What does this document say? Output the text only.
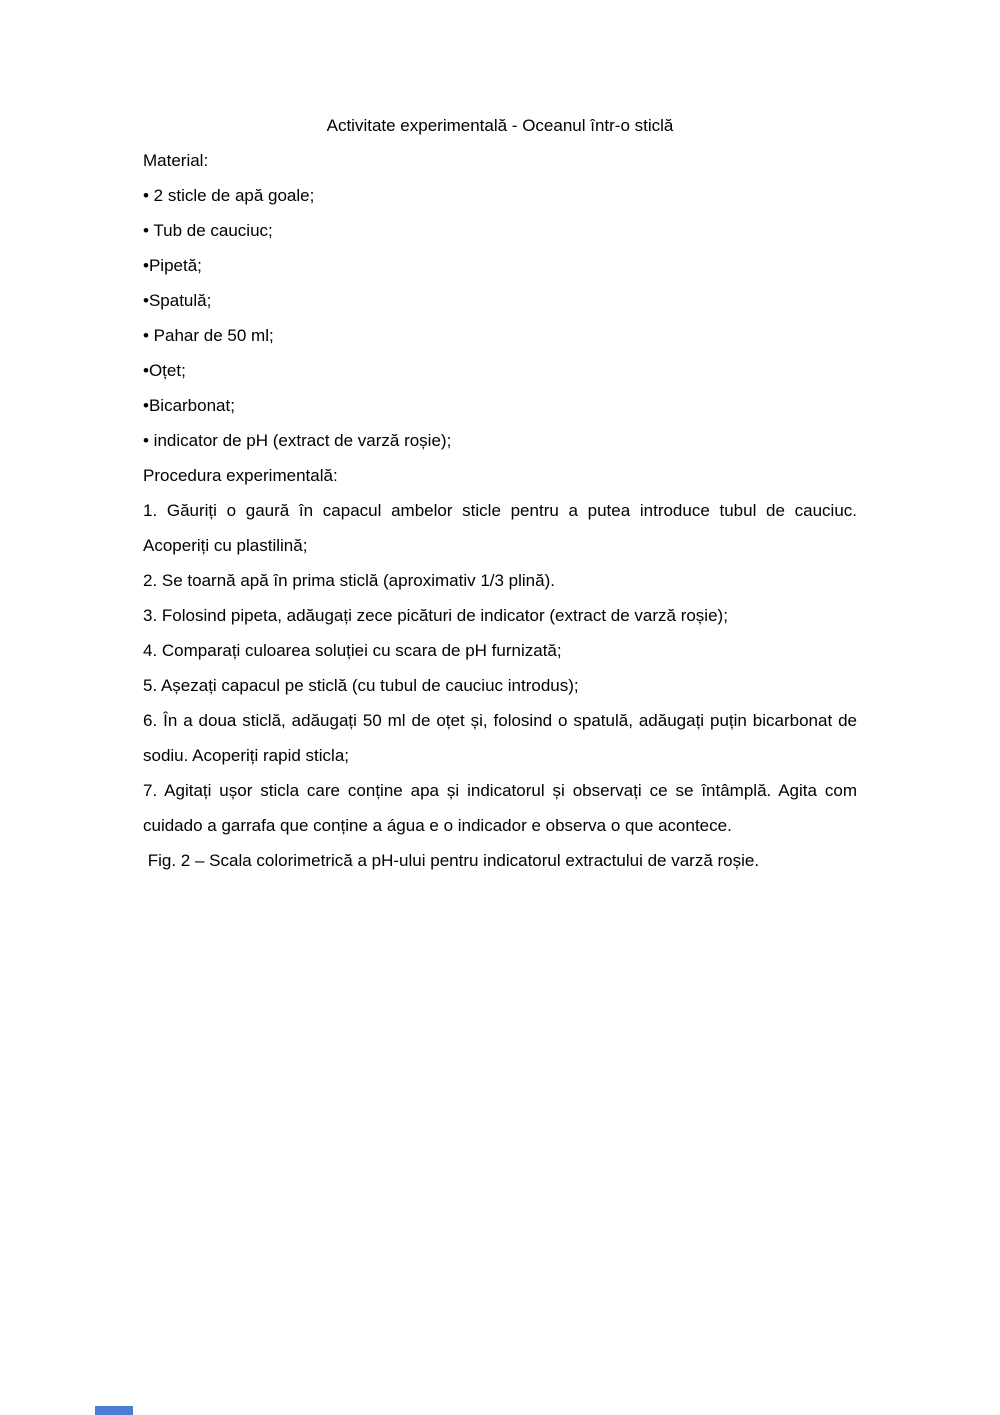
Activitate experimentală - Oceanul într-o sticlă

Material:

• 2 sticle de apă goale;

• Tub de cauciuc;

•Pipetă;

•Spatulă;

• Pahar de 50 ml;

•Oțet;

•Bicarbonat;

• indicator de pH (extract de varză roșie);

Procedura experimentală:

1. Găuriți o gaură în capacul ambelor sticle pentru a putea introduce tubul de cauciuc. Acoperiți cu plastilină;

2. Se toarnă apă în prima sticlă (aproximativ 1/3 plină).

3. Folosind pipeta, adăugați zece picături de indicator (extract de varză roșie);

4. Comparați culoarea soluției cu scara de pH furnizată;

5. Așezați capacul pe sticlă (cu tubul de cauciuc introdus);

6. În a doua sticlă, adăugați 50 ml de oțet și, folosind o spatulă, adăugați puțin bicarbonat de sodiu. Acoperiți rapid sticla;

7. Agitați ușor sticla care conține apa și indicatorul și observați ce se întâmplă. Agita com cuidado a garrafa que conține a água e o indicador e observa o que acontece.

Fig. 2 – Scala colorimetrică a pH-ului pentru indicatorul extractului de varză roșie.
